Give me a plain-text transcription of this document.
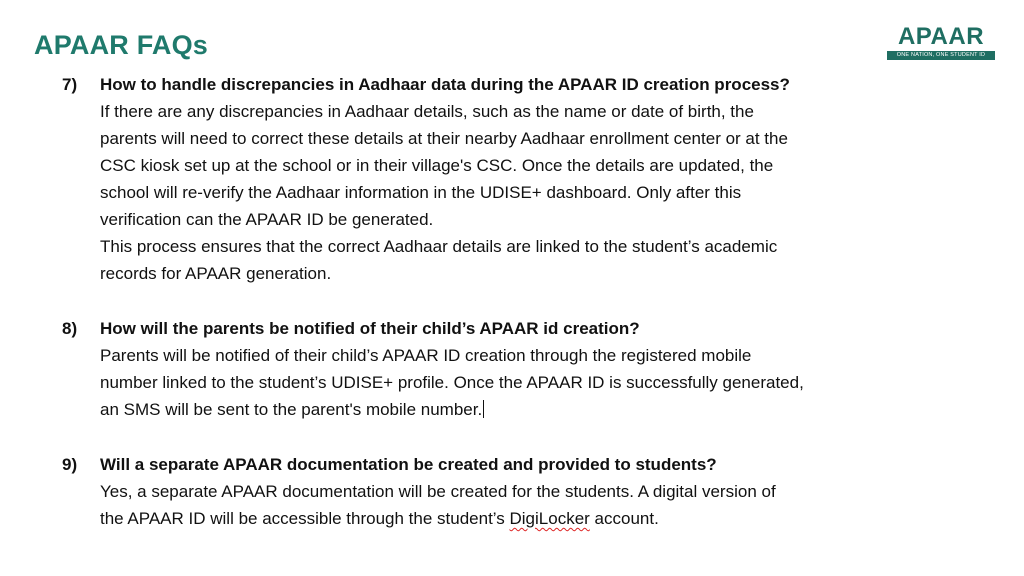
APAAR FAQs	APAAR
ONE NATION, ONE STUDENT ID
7) How to handle discrepancies in Aadhaar data during the APAAR ID creation process?
If there are any discrepancies in Aadhaar details, such as the name or date of birth, the
parents will need to correct these details at their nearby Aadhaar enrollment center or at the
CSC kiosk set up at the school or in their village's CSC. Once the details are updated, the
school will re-verify the Aadhaar information in the UDISE+ dashboard. Only after this
verification can the APAAR ID be generated.
This process ensures that the correct Aadhaar details are linked to the student’s academic
records for APAAR generation.
8) How will the parents be notified of their child’s APAAR id creation?
Parents will be notified of their child’s APAAR ID creation through the registered mobile
number linked to the student’s UDISE+ profile. Once the APAAR ID is successfully generated,
an SMS will be sent to the parent's mobile number.
9) Will a separate APAAR documentation be created and provided to students?
Yes, a separate APAAR documentation will be created for the students. A digital version of
the APAAR ID will be accessible through the student’s DigiLocker account.
